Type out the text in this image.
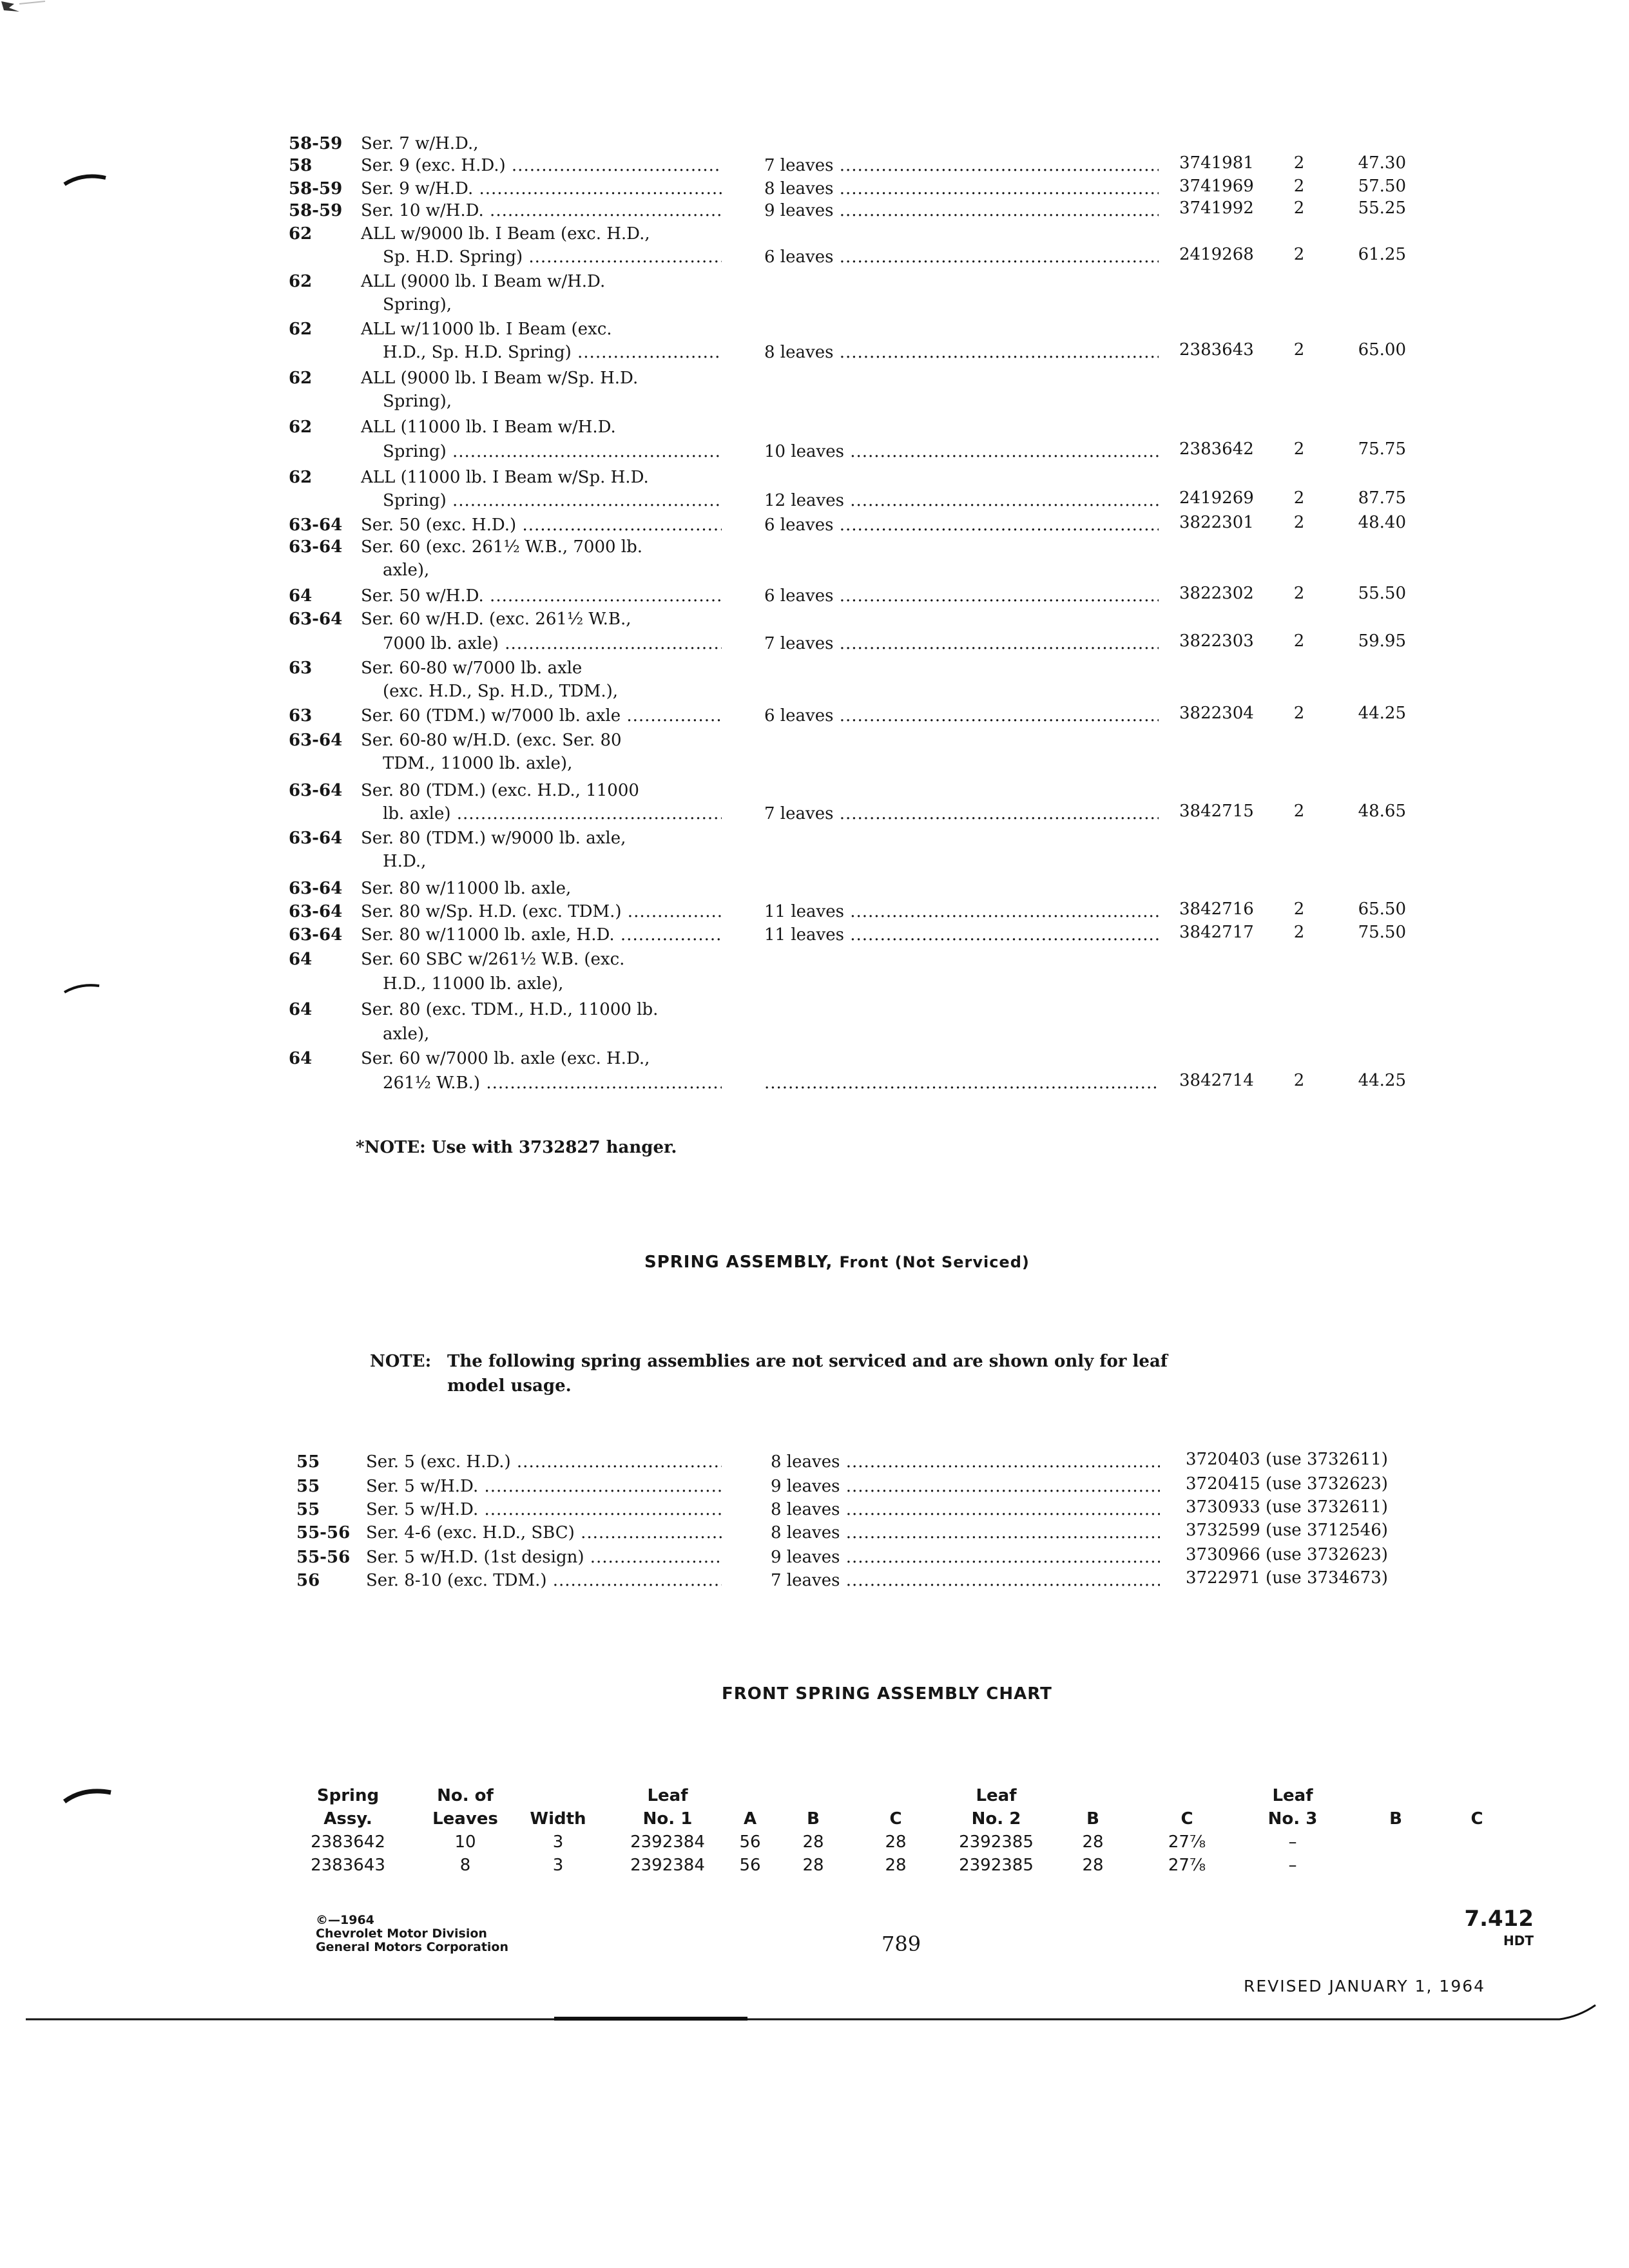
58-59 Ser. 7 w/H.D.,
58	Ser. 9 (exc. H.D.) .....	7 leaves .....	3741981 2	47.30
58-59 Ser. 9 w/H.D. .....	8 leaves .....	3741969 2	57.50
58-59 Ser. 10 w/H.D. .....	9 leaves .....	3741992 2	55.25
62	ALL w/9000 lb. I Beam (exc. H.D.,
Sp. H.D. Spring) .....	6 leaves .....	2419268 2	61.25
62	ALL (9000 lb. I Beam w/H.D.
Spring),
62	ALL w/11000 lb. I Beam (exc.
H.D., Sp. H.D. Spring) .....	8 leaves .....	2383643 2	65.00
62	ALL (9000 lb. I Beam w/Sp. H.D.
Spring),
62	ALL (11000 lb. I Beam w/H.D.
Spring) .....	10 leaves .....	2383642 2	75.75
62	ALL (11000 lb. I Beam w/Sp. H.D.
Spring) .....	12 leaves .....	2419269 2	87.75
63-64 Ser. 50 (exc. H.D.) .....	6 leaves .....	3822301 2	48.40
63-64 Ser. 60 (exc. 261½ W.B., 7000 lb.
axle),
64	Ser. 50 w/H.D. .....	6 leaves .....	3822302 2	55.50
63-64 Ser. 60 w/H.D. (exc. 261½ W.B.,
7000 lb. axle) .....	7 leaves .....	3822303 2	59.95
63	Ser. 60-80 w/7000 lb. axle
(exc. H.D., Sp. H.D., TDM.),
63	Ser. 60 (TDM.) w/7000 lb. axle .....	6 leaves .....	3822304 2	44.25
63-64 Ser. 60-80 w/H.D. (exc. Ser. 80
TDM., 11000 lb. axle),
63-64 Ser. 80 (TDM.) (exc. H.D., 11000
lb. axle) .....	7 leaves .....	3842715 2	48.65
63-64 Ser. 80 (TDM.) w/9000 lb. axle,
H.D.,
63-64 Ser. 80 w/11000 lb. axle,
63-64 Ser. 80 w/Sp. H.D. (exc. TDM.) .....	11 leaves .....	3842716 2	65.50
63-64 Ser. 80 w/11000 lb. axle, H.D. .....	11 leaves .....	3842717 2	75.50
64	Ser. 60 SBC w/261½ W.B. (exc.
H.D., 11000 lb. axle),
64	Ser. 80 (exc. TDM., H.D., 11000 lb.
axle),
64	Ser. 60 w/7000 lb. axle (exc. H.D.,
261½ W.B.) .....
.....	3842714 2	44.25
*NOTE: Use with 3732827 hanger.
SPRING ASSEMBLY, Front (Not Serviced)
NOTE: The following spring assemblies are not serviced and are shown only for leaf
model usage.
55	Ser. 5 (exc. H.D.) .....	8 leaves .....	3720403 (use 3732611)
55	Ser. 5 w/H.D. .....	9 leaves .....	3720415 (use 3732623)
55	Ser. 5 w/H.D. .....	8 leaves .....	3730933 (use 3732611)
55-56 Ser. 4-6 (exc. H.D., SBC) .....	8 leaves .....	3732599 (use 3712546)
55-56 Ser. 5 w/H.D. (1st design) .....	9 leaves .....	3730966 (use 3732623)
56	Ser. 8-10 (exc. TDM.) .....	7 leaves .....	3722971 (use 3734673)
FRONT SPRING ASSEMBLY CHART
Spring
Assy.
No. of
Leaves	Width
Leaf
No. 1	A	B	C
Leaf
No. 2	B	C
Leaf
No. 3	B	C
2383642	10	3	2392384	56	28	28	2392385	28	27⅞	–
2383643	8	3	2392384	56	28	28	2392385	28	27⅞	–
©—1964
Chevrolet Motor Division
General Motors Corporation	789
7.412
HDT
REVISED JANUARY 1, 1964
